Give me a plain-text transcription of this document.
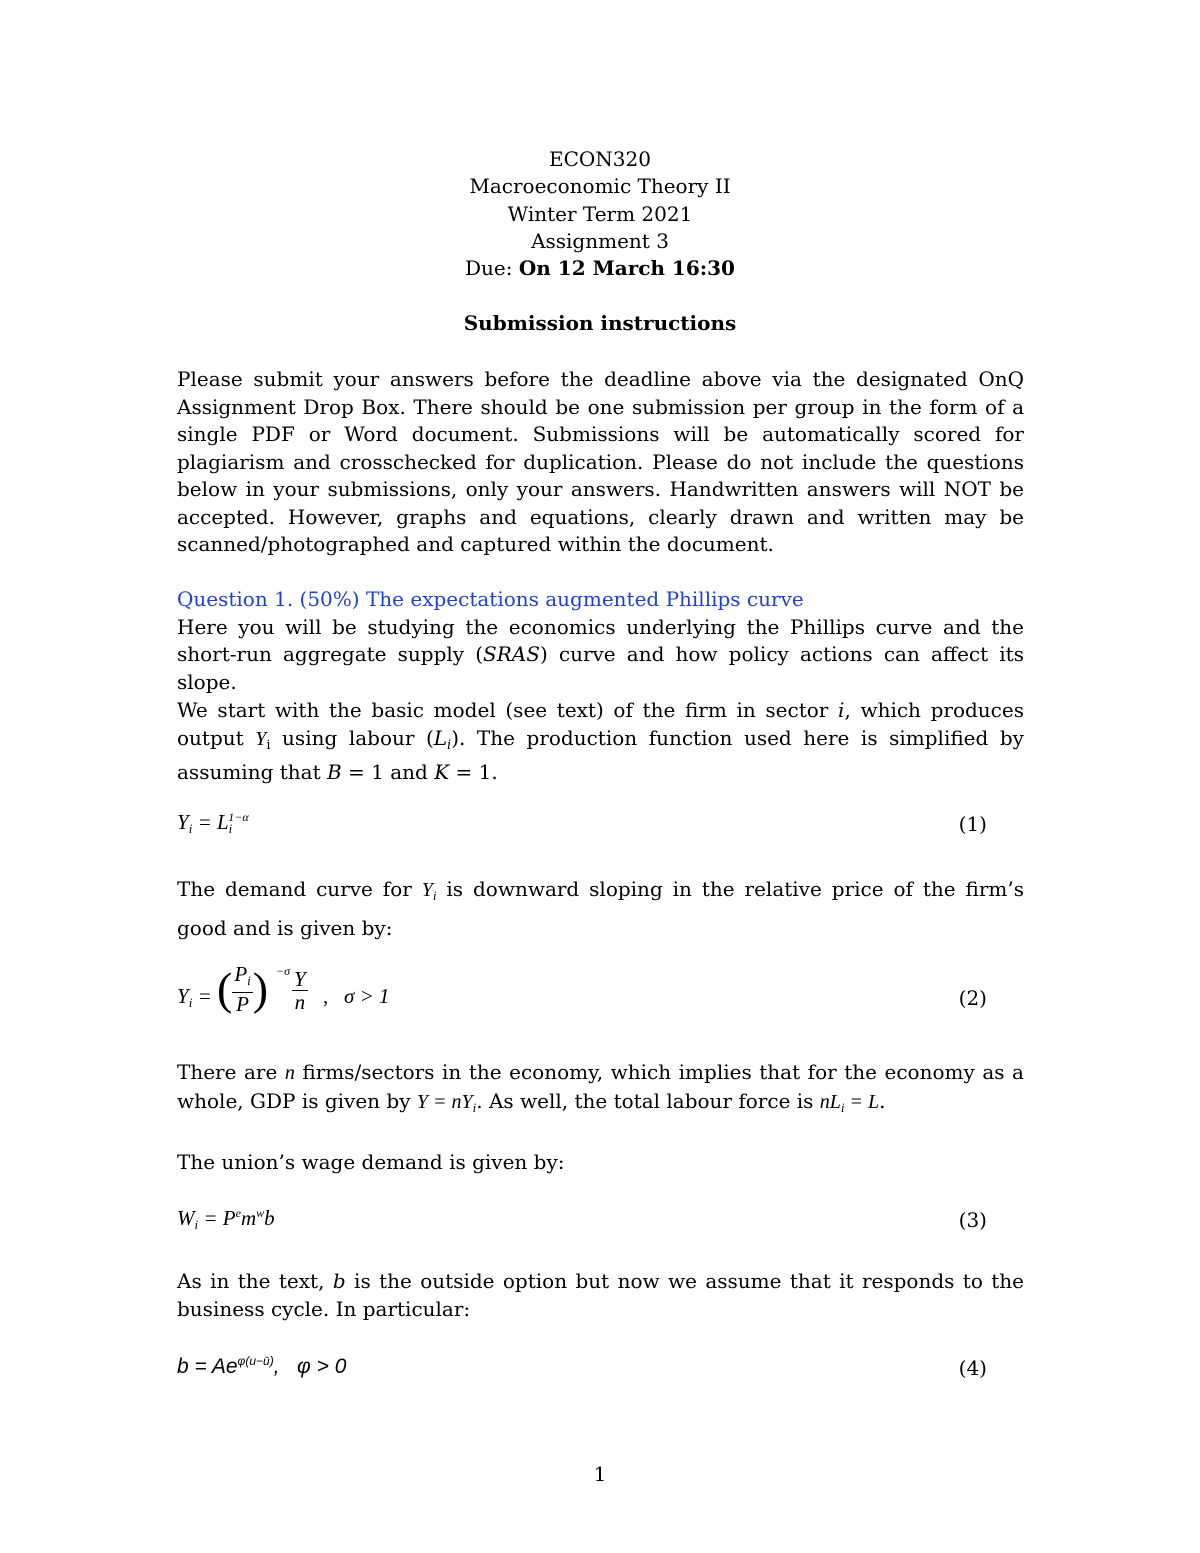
ECON320
Macroeconomic Theory II
Winter Term 2021
Assignment 3
Due: On 12 March 16:30
Submission instructions

Please submit your answers before the deadline above via the designated OnQ Assignment Drop Box. There should be one submission per group in the form of a single PDF or Word document. Submissions will be automatically scored for plagiarism and crosschecked for duplication. Please do not include the questions below in your submissions, only your answers. Handwritten answers will NOT be accepted. However, graphs and equations, clearly drawn and written may be scanned/photographed and captured within the document.

Question 1. (50%) The expectations augmented Phillips curve

Here you will be studying the economics underlying the Phillips curve and the short-run aggregate supply (SRAS) curve and how policy actions can affect its slope.

We start with the basic model (see text) of the firm in sector i, which produces output $Y_i$ using labour $(L_i)$. The production function used here is simplified by assuming that B = 1 and K = 1.

$Y_i = L_i^{1-\alpha}$	(1)

The demand curve for $Y_i$ is downward sloping in the relative price of the firm’s good and is given by:

$Y_i$ = ( $\frac{P_i}{P}$ ) $-\sigma \frac{Y}{n}$ ,   σ > 1	(2)

There are n firms/sectors in the economy, which implies that for the economy as a whole, GDP is given by $Y = nY_i$. As well, the total labour force is $nL_i = L$.

The union’s wage demand is given by:

$W_i = P^em^wb$	(3)

As in the text, b is the outside option but now we assume that it responds to the business cycle. In particular:

$b = Ae^{\varphi(u-ū)}$,   φ > 0	(4)
1
